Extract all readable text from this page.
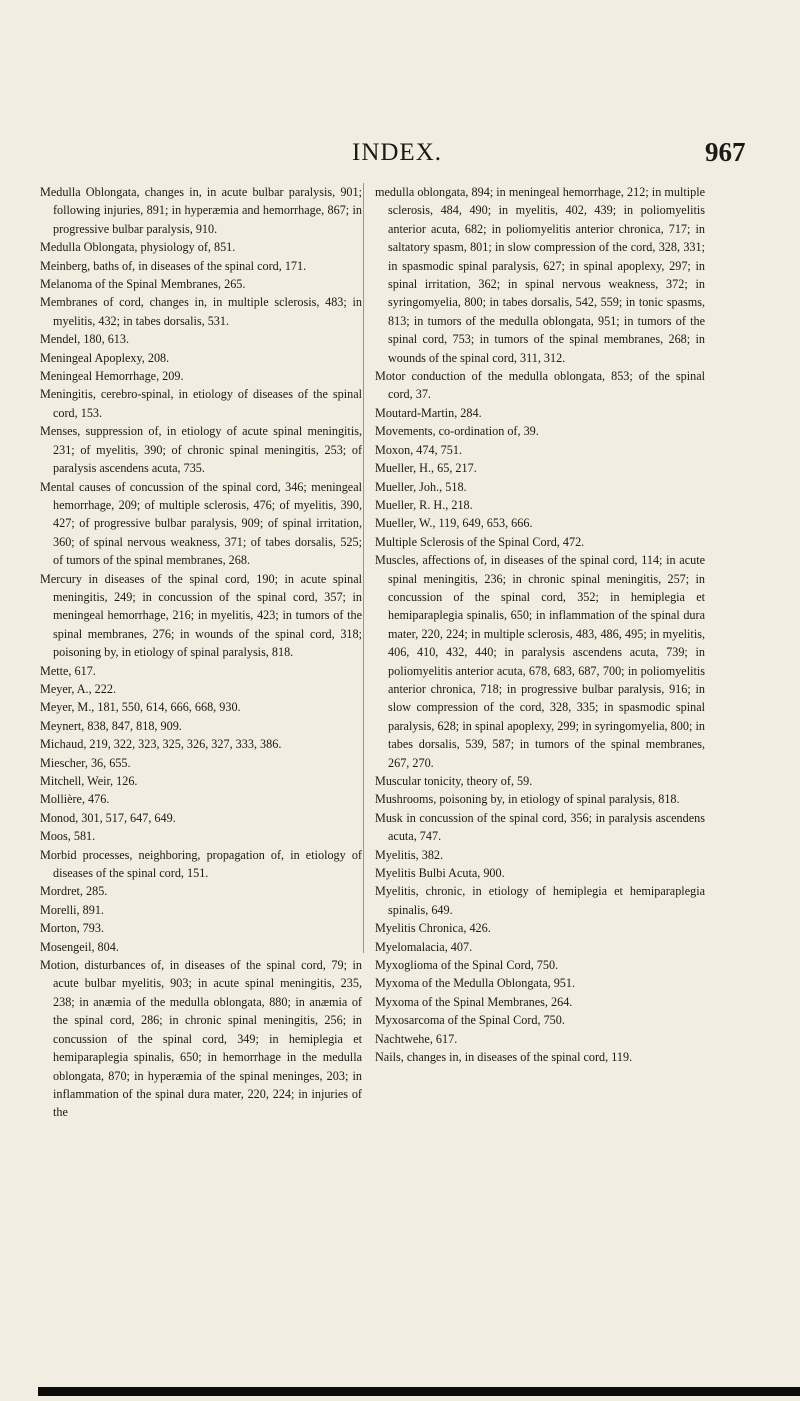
INDEX.	967

Medulla Oblongata, changes in, in acute bulbar paralysis, 901; following injuries, 891; in hyperæmia and hemorrhage, 867; in progressive bulbar paralysis, 910.

Medulla Oblongata, physiology of, 851.

Meinberg, baths of, in diseases of the spinal cord, 171.

Melanoma of the Spinal Membranes, 265.

Membranes of cord, changes in, in multiple sclerosis, 483; in myelitis, 432; in tabes dorsalis, 531.

Mendel, 180, 613.

Meningeal Apoplexy, 208.

Meningeal Hemorrhage, 209.

Meningitis, cerebro-spinal, in etiology of diseases of the spinal cord, 153.

Menses, suppression of, in etiology of acute spinal meningitis, 231; of myelitis, 390; of chronic spinal meningitis, 253; of paralysis ascendens acuta, 735.

Mental causes of concussion of the spinal cord, 346; meningeal hemorrhage, 209; of multiple sclerosis, 476; of myelitis, 390, 427; of progressive bulbar paralysis, 909; of spinal irritation, 360; of spinal nervous weakness, 371; of tabes dorsalis, 525; of tumors of the spinal membranes, 268.

Mercury in diseases of the spinal cord, 190; in acute spinal meningitis, 249; in concussion of the spinal cord, 357; in meningeal hemorrhage, 216; in myelitis, 423; in tumors of the spinal membranes, 276; in wounds of the spinal cord, 318; poisoning by, in etiology of spinal paralysis, 818.

Mette, 617.

Meyer, A., 222.

Meyer, M., 181, 550, 614, 666, 668, 930.

Meynert, 838, 847, 818, 909.

Michaud, 219, 322, 323, 325, 326, 327, 333, 386.

Miescher, 36, 655.

Mitchell, Weir, 126.

Mollière, 476.

Monod, 301, 517, 647, 649.

Moos, 581.

Morbid processes, neighboring, propagation of, in etiology of diseases of the spinal cord, 151.

Mordret, 285.

Morelli, 891.

Morton, 793.

Mosengeil, 804.

Motion, disturbances of, in diseases of the spinal cord, 79; in acute bulbar myelitis, 903; in acute spinal meningitis, 235, 238; in anæmia of the medulla oblongata, 880; in anæmia of the spinal cord, 286; in chronic spinal meningitis, 256; in concussion of the spinal cord, 349; in hemiplegia et hemiparaplegia spinalis, 650; in hemorrhage in the medulla oblongata, 870; in hyperæmia of the spinal meninges, 203; in inflammation of the spinal dura mater, 220, 224; in injuries of the

medulla oblongata, 894; in meningeal hemorrhage, 212; in multiple sclerosis, 484, 490; in myelitis, 402, 439; in poliomyelitis anterior acuta, 682; in poliomyelitis anterior chronica, 717; in saltatory spasm, 801; in slow compression of the cord, 328, 331; in spasmodic spinal paralysis, 627; in spinal apoplexy, 297; in spinal irritation, 362; in spinal nervous weakness, 372; in syringomyelia, 800; in tabes dorsalis, 542, 559; in tonic spasms, 813; in tumors of the medulla oblongata, 951; in tumors of the spinal cord, 753; in tumors of the spinal membranes, 268; in wounds of the spinal cord, 311, 312.

Motor conduction of the medulla oblongata, 853; of the spinal cord, 37.

Moutard-Martin, 284.

Movements, co-ordination of, 39.

Moxon, 474, 751.

Mueller, H., 65, 217.

Mueller, Joh., 518.

Mueller, R. H., 218.

Mueller, W., 119, 649, 653, 666.

Multiple Sclerosis of the Spinal Cord, 472.

Muscles, affections of, in diseases of the spinal cord, 114; in acute spinal meningitis, 236; in chronic spinal meningitis, 257; in concussion of the spinal cord, 352; in hemiplegia et hemiparaplegia spinalis, 650; in inflammation of the spinal dura mater, 220, 224; in multiple sclerosis, 483, 486, 495; in myelitis, 406, 410, 432, 440; in paralysis ascendens acuta, 739; in poliomyelitis anterior acuta, 678, 683, 687, 700; in poliomyelitis anterior chronica, 718; in progressive bulbar paralysis, 916; in slow compression of the cord, 328, 335; in spasmodic spinal paralysis, 628; in spinal apoplexy, 299; in syringomyelia, 800; in tabes dorsalis, 539, 587; in tumors of the spinal membranes, 267, 270.

Muscular tonicity, theory of, 59.

Mushrooms, poisoning by, in etiology of spinal paralysis, 818.

Musk in concussion of the spinal cord, 356; in paralysis ascendens acuta, 747.

Myelitis, 382.

Myelitis Bulbi Acuta, 900.

Myelitis, chronic, in etiology of hemiplegia et hemiparaplegia spinalis, 649.

Myelitis Chronica, 426.

Myelomalacia, 407.

Myxoglioma of the Spinal Cord, 750.

Myxoma of the Medulla Oblongata, 951.

Myxoma of the Spinal Membranes, 264.

Myxosarcoma of the Spinal Cord, 750.

Nachtwehe, 617.

Nails, changes in, in diseases of the spinal cord, 119.
